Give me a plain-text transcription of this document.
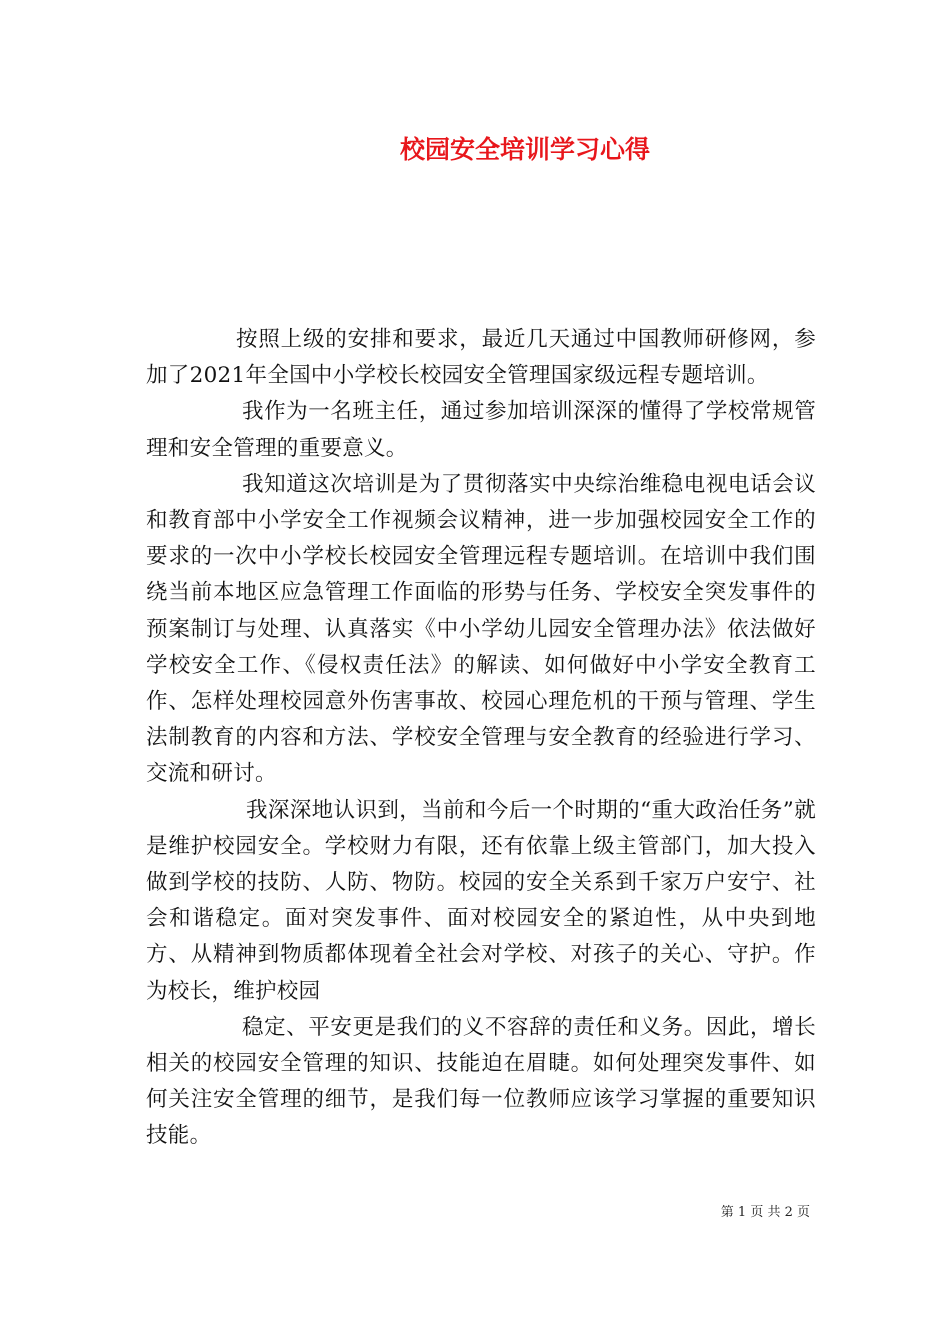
校园安全培训学习心得

按照上级的安排和要求，最近几天通过中国教师研修网，参加了2021年全国中小学校长校园安全管理国家级远程专题培训。

我作为一名班主任，通过参加培训深深的懂得了学校常规管理和安全管理的重要意义。

我知道这次培训是为了贯彻落实中央综治维稳电视电话会议和教育部中小学安全工作视频会议精神，进一步加强校园安全工作的要求的一次中小学校长校园安全管理远程专题培训。在培训中我们围绕当前本地区应急管理工作面临的形势与任务、学校安全突发事件的预案制订与处理、认真落实《中小学幼儿园安全管理办法》依法做好学校安全工作、《侵权责任法》的解读、如何做好中小学安全教育工作、怎样处理校园意外伤害事故、校园心理危机的干预与管理、学生法制教育的内容和方法、学校安全管理与安全教育的经验进行学习、交流和研讨。

我深深地认识到，当前和今后一个时期的“重大政治任务”就是维护校园安全。学校财力有限，还有依靠上级主管部门，加大投入做到学校的技防、人防、物防。校园的安全关系到千家万户安宁、社会和谐稳定。面对突发事件、面对校园安全的紧迫性，从中央到地方、从精神到物质都体现着全社会对学校、对孩子的关心、守护。作为校长，维护校园

稳定、平安更是我们的义不容辞的责任和义务。因此，增长相关的校园安全管理的知识、技能迫在眉睫。如何处理突发事件、如何关注安全管理的细节，是我们每一位教师应该学习掌握的重要知识技能。

第 1 页 共 2 页
